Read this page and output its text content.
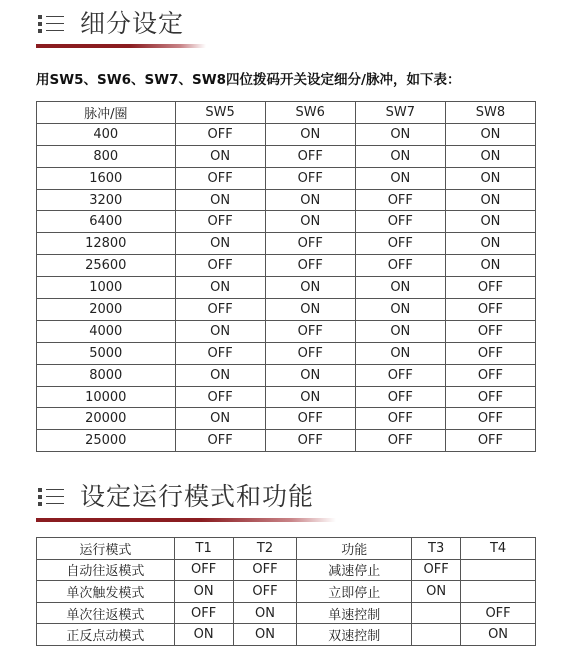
细分设定
用SW5、SW6、SW7、SW8四位拨码开关设定细分/脉冲，如下表：
脉冲/圈	SW5	SW6	SW7	SW8
400	OFF	ON	ON	ON
800	ON	OFF	ON	ON
1600	OFF	OFF	ON	ON
3200	ON	ON	OFF	ON
6400	OFF	ON	OFF	ON
12800	ON	OFF	OFF	ON
25600	OFF	OFF	OFF	ON
1000	ON	ON	ON	OFF
2000	OFF	ON	ON	OFF
4000	ON	OFF	ON	OFF
5000	OFF	OFF	ON	OFF
8000	ON	ON	OFF	OFF
10000	OFF	ON	OFF	OFF
20000	ON	OFF	OFF	OFF
25000	OFF	OFF	OFF	OFF
设定运行模式和功能
运行模式	T1	T2	功能	T3	T4
自动往返模式	OFF	OFF	减速停止	OFF	
单次触发模式	ON	OFF	立即停止	ON	
单次往返模式	OFF	ON	单速控制		OFF
正反点动模式	ON	ON	双速控制		ON
